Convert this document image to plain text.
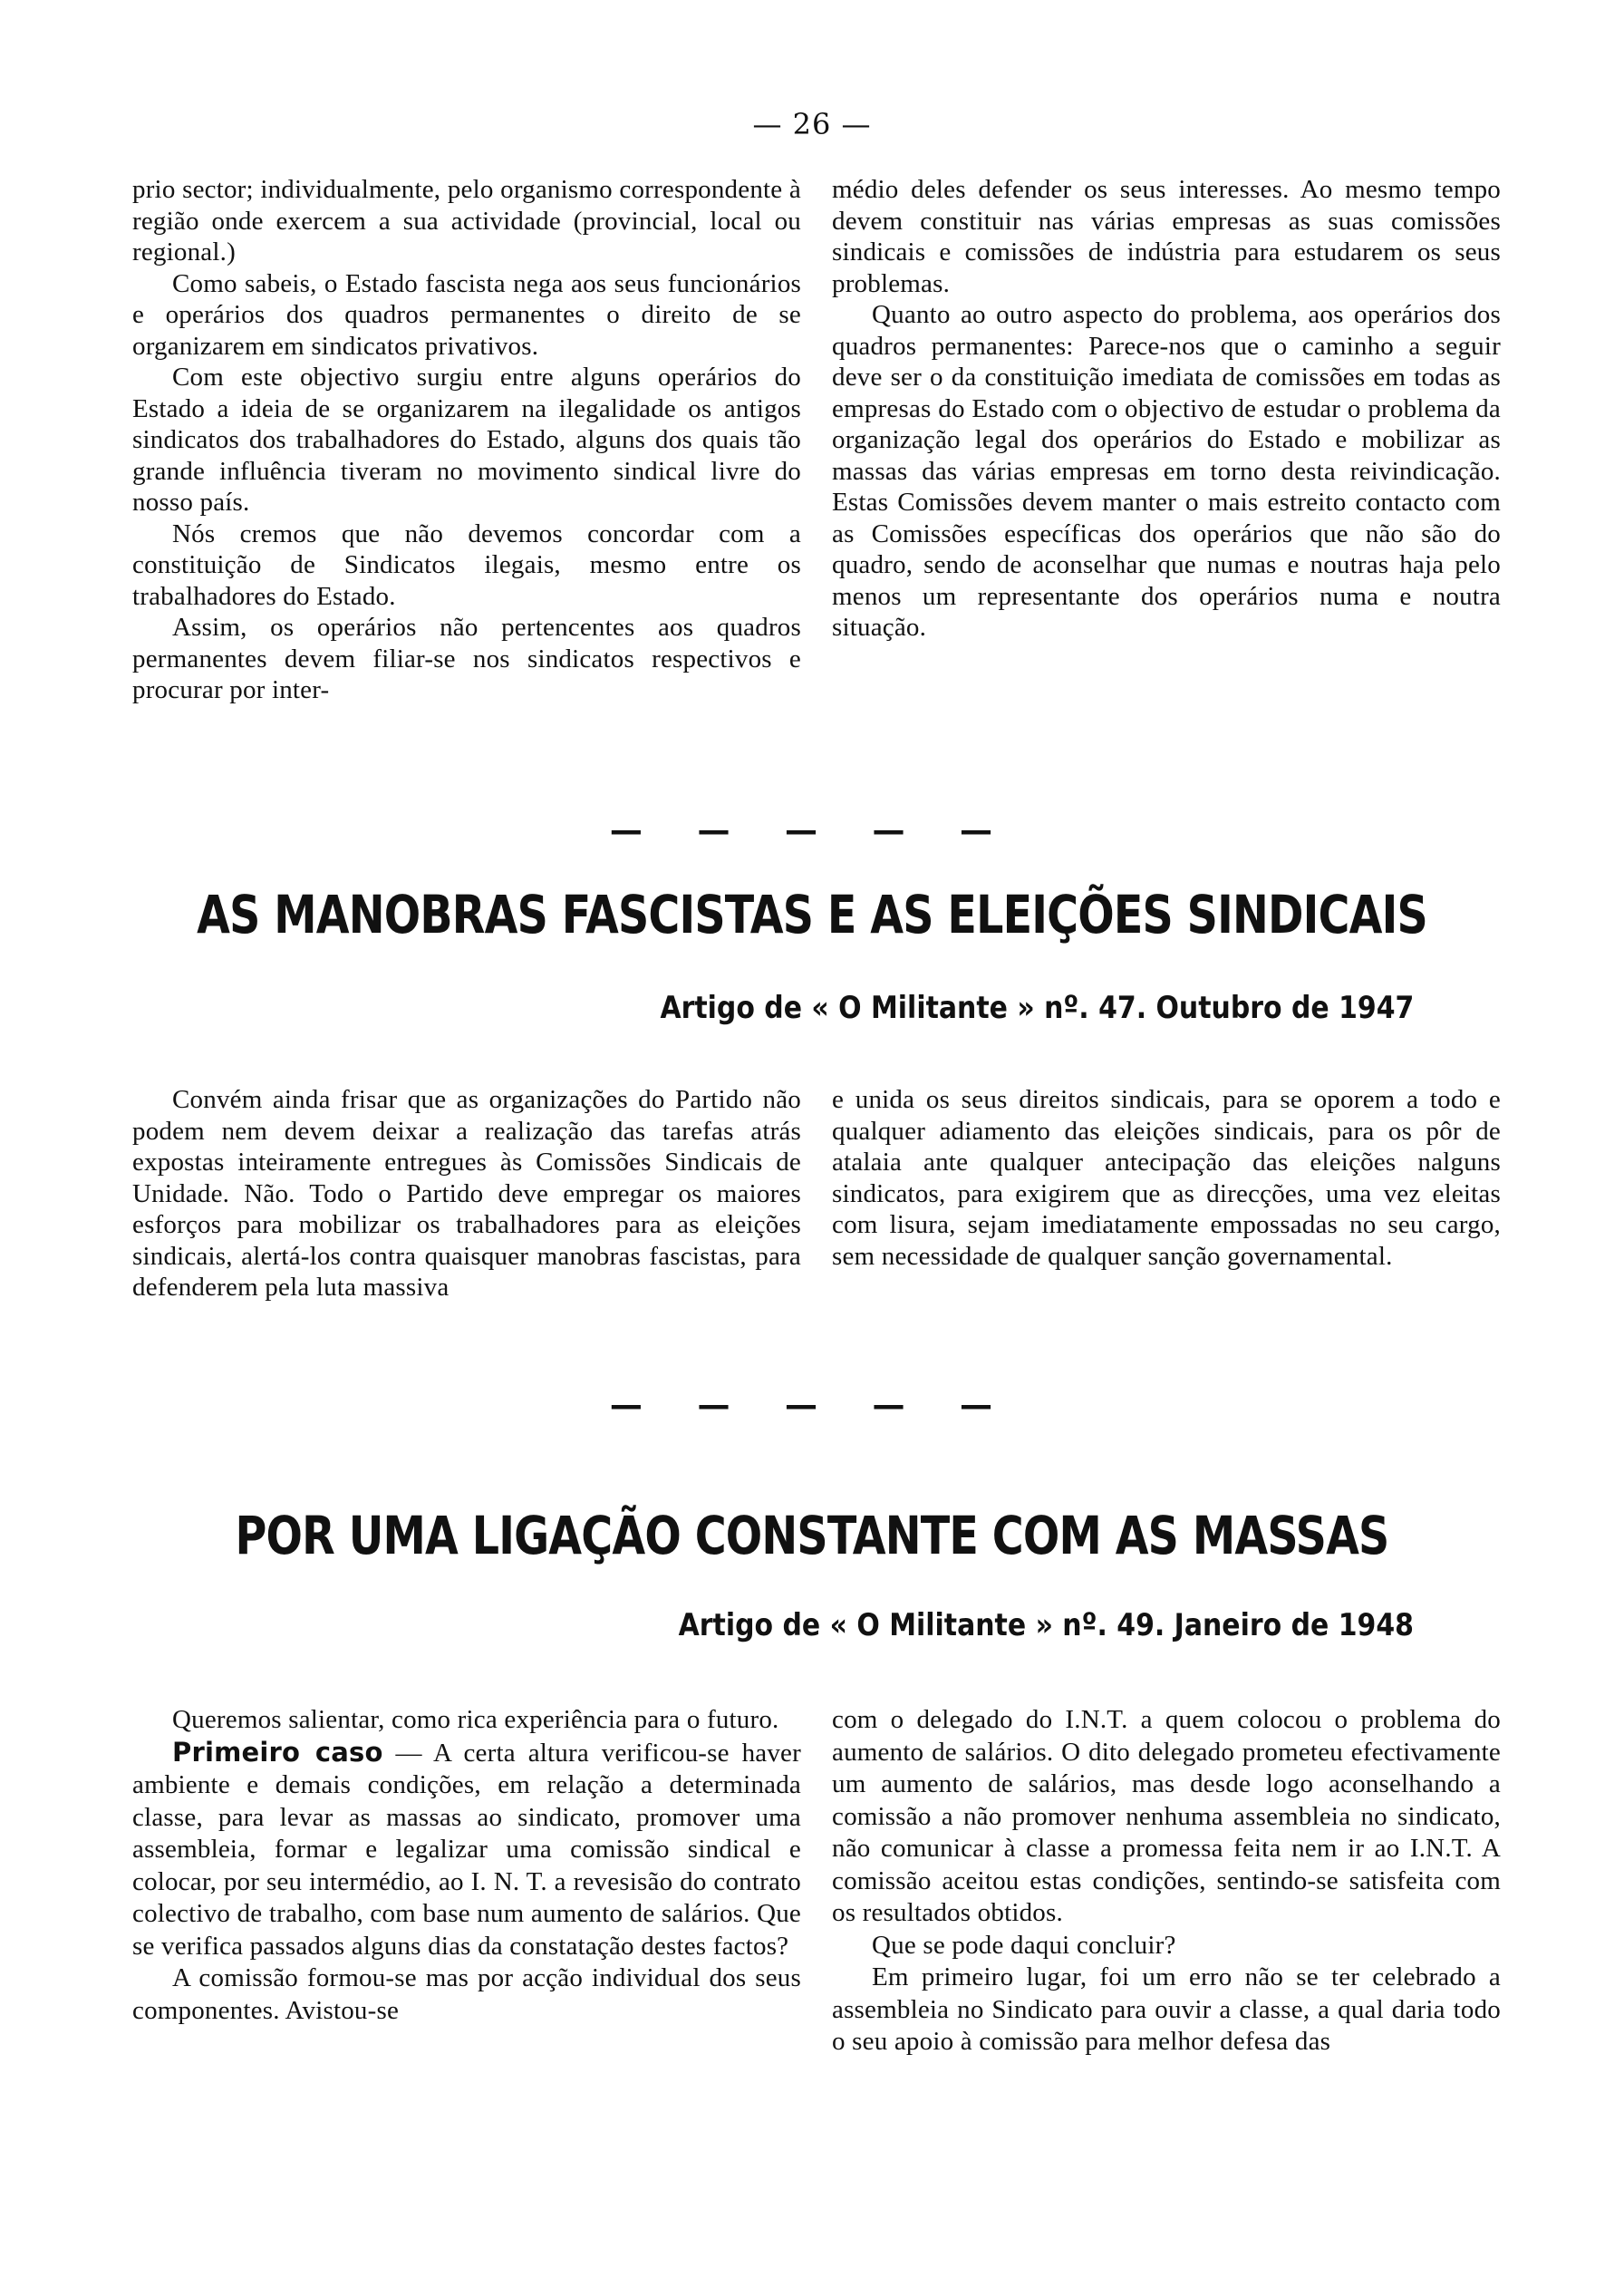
— 26 —

prio sector; individualmente, pelo organismo correspondente à região onde exercem a sua actividade (provincial, local ou regional.)

Como sabeis, o Estado fascista nega aos seus funcionários e operários dos quadros permanentes o direito de se organizarem em sindicatos privativos.

Com este objectivo surgiu entre alguns operários do Estado a ideia de se organizarem na ilegalidade os antigos sindicatos dos trabalhadores do Estado, alguns dos quais tão grande influência tiveram no movimento sindical livre do nosso país.

Nós cremos que não devemos concordar com a constituição de Sindicatos ilegais, mesmo entre os trabalhadores do Estado.

Assim, os operários não pertencentes aos quadros permanentes devem filiar-se nos sindicatos respectivos e procurar por inter-

médio deles defender os seus interesses. Ao mesmo tempo devem constituir nas várias empresas as suas comissões sindicais e comissões de indústria para estudarem os seus problemas.

Quanto ao outro aspecto do problema, aos operários dos quadros permanentes: Parece-nos que o caminho a seguir deve ser o da constituição imediata de comissões em todas as empresas do Estado com o objectivo de estudar o problema da organização legal dos operários do Estado e mobilizar as massas das várias empresas em torno desta reivindicação. Estas Comissões devem manter o mais estreito contacto com as Comissões específicas dos operários que não são do quadro, sendo de aconselhar que numas e noutras haja pelo menos um representante dos operários numa e noutra situação.

— — — — —
AS MANOBRAS FASCISTAS E AS ELEIÇÕES SINDICAIS
Artigo de « O Militante » nº. 47. Outubro de 1947

Convém ainda frisar que as organizações do Partido não podem nem devem deixar a realização das tarefas atrás expostas inteiramente entregues às Comissões Sindicais de Unidade. Não. Todo o Partido deve empregar os maiores esforços para mobilizar os trabalhadores para as eleições sindicais, alertá-los contra quaisquer manobras fascistas, para defenderem pela luta massiva

e unida os seus direitos sindicais, para se oporem a todo e qualquer adiamento das eleições sindicais, para os pôr de atalaia ante qualquer antecipação das eleições nalguns sindicatos, para exigirem que as direcções, uma vez eleitas com lisura, sejam imediatamente empossadas no seu cargo, sem necessidade de qualquer sanção governamental.

— — — — —
POR UMA LIGAÇÃO CONSTANTE COM AS MASSAS
Artigo de « O Militante » nº. 49. Janeiro de 1948

Queremos salientar, como rica experiência para o futuro.

Primeiro caso — A certa altura verificou-se haver ambiente e demais condições, em relação a determinada classe, para levar as massas ao sindicato, promover uma assembleia, formar e legalizar uma comissão sindical e colocar, por seu intermédio, ao I. N. T. a revesisão do contrato colectivo de trabalho, com base num aumento de salários. Que se verifica passados alguns dias da constatação destes factos?

A comissão formou-se mas por acção individual dos seus componentes. Avistou-se

com o delegado do I.N.T. a quem colocou o problema do aumento de salários. O dito delegado prometeu efectivamente um aumento de salários, mas desde logo aconselhando a comissão a não promover nenhuma assembleia no sindicato, não comunicar à classe a promessa feita nem ir ao I.N.T. A comissão aceitou estas condições, sentindo-se satisfeita com os resultados obtidos.

Que se pode daqui concluir?

Em primeiro lugar, foi um erro não se ter celebrado a assembleia no Sindicato para ouvir a classe, a qual daria todo o seu apoio à comissão para melhor defesa das
